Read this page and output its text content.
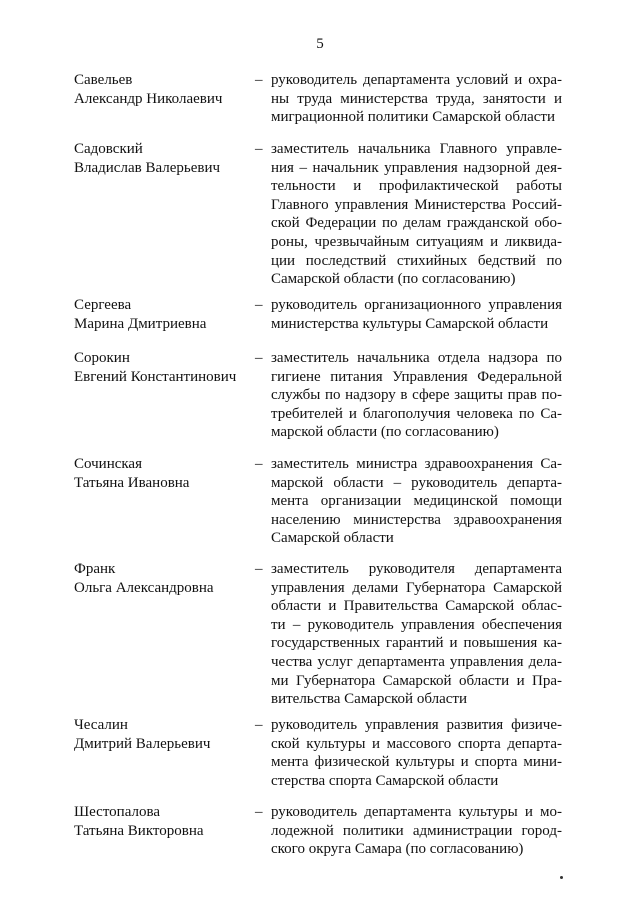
5
Савельев
Александр Николаевич
– руководитель департамента условий и охра-
ны труда министерства труда, занятости и
миграционной политики Самарской области
Садовский
Владислав Валерьевич
– заместитель начальника Главного управле-
ния – начальник управления надзорной дея-
тельности и профилактической работы
Главного управления Министерства Россий-
ской Федерации по делам гражданской обо-
роны, чрезвычайным ситуациям и ликвида-
ции последствий стихийных бедствий по
Самарской области (по согласованию)
Сергеева
Марина Дмитриевна
– руководитель организационного управления
министерства культуры Самарской области
Сорокин
Евгений Константинович
– заместитель начальника отдела надзора по
гигиене питания Управления Федеральной
службы по надзору в сфере защиты прав по-
требителей и благополучия человека по Са-
марской области (по согласованию)
Сочинская
Татьяна Ивановна
– заместитель министра здравоохранения Са-
марской области – руководитель департа-
мента организации медицинской помощи
населению министерства здравоохранения
Самарской области
Франк
Ольга Александровна
– заместитель руководителя департамента
управления делами Губернатора Самарской
области и Правительства Самарской облас-
ти – руководитель управления обеспечения
государственных гарантий и повышения ка-
чества услуг департамента управления дела-
ми Губернатора Самарской области и Пра-
вительства Самарской области
Чесалин
Дмитрий Валерьевич
– руководитель управления развития физиче-
ской культуры и массового спорта департа-
мента физической культуры и спорта мини-
стерства спорта Самарской области
Шестопалова
Татьяна Викторовна
– руководитель департамента культуры и мо-
лодежной политики администрации город-
ского округа Самара (по согласованию)
